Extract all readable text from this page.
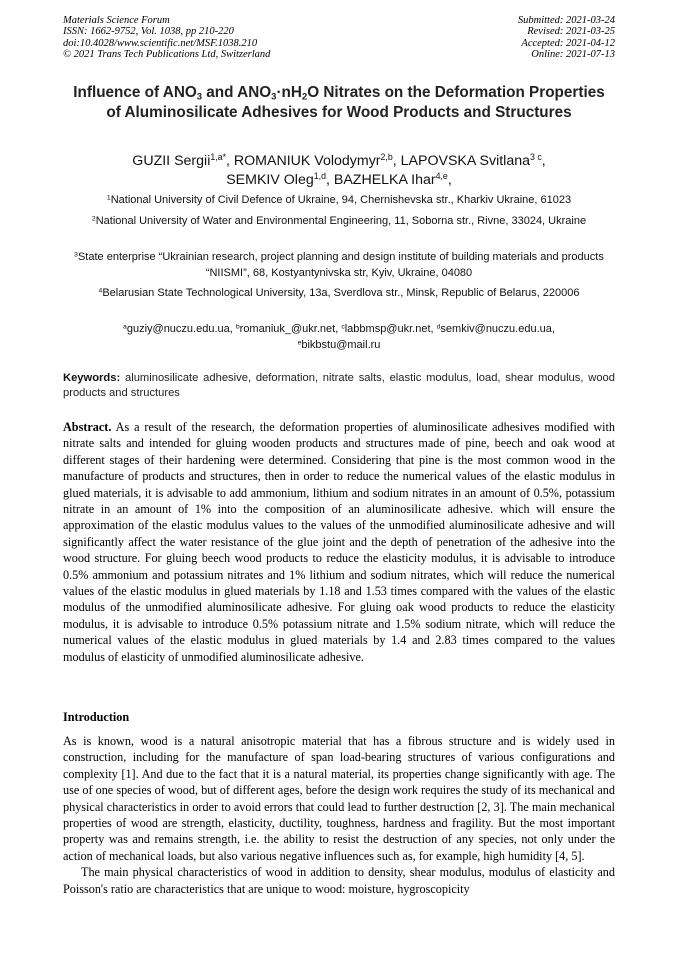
Materials Science Forum
ISSN: 1662-9752, Vol. 1038, pp 210-220
doi:10.4028/www.scientific.net/MSF.1038.210
© 2021 Trans Tech Publications Ltd, Switzerland
Submitted: 2021-03-24
Revised: 2021-03-25
Accepted: 2021-04-12
Online: 2021-07-13
Influence of $ANO_3$ and $ANO_3\cdot nH_2O$ Nitrates on the Deformation Properties of Aluminosilicate Adhesives for Wood Products and Structures
GUZII Sergii$^{1,a*}$, ROMANIUK Volodymyr$^{2,b}$, LAPOVSKA Svitlana$^{3 c}$,
SEMKIV Oleg$^{1,d}$, BAZHELKA Ihar$^{4,e}$,
$^1$National University of Civil Defence of Ukraine, 94, Chernishevska str., Kharkiv Ukraine, 61023
$^2$National University of Water and Environmental Engineering, 11, Soborna str., Rivne, 33024, Ukraine
$^3$State enterprise “Ukrainian research, project planning and design institute of building materials and products “NIISMI”, 68, Kostyantynivska str, Kyiv, Ukraine, 04080
$^4$Belarusian State Technological University, 13a, Sverdlova str., Minsk, Republic of Belarus, 220006
$^a$guziy@nuczu.edu.ua, $^b$romaniuk_@ukr.net, $^c$labbmsp@ukr.net, $^d$semkiv@nuczu.edu.ua,
$^e$bikbstu@mail.ru
Keywords: aluminosilicate adhesive, deformation, nitrate salts, elastic modulus, load, shear modulus, wood products and structures
Abstract. As a result of the research, the deformation properties of aluminosilicate adhesives modified with nitrate salts and intended for gluing wooden products and structures made of pine, beech and oak wood at different stages of their hardening were determined. Considering that pine is the most common wood in the manufacture of products and structures, then in order to reduce the numerical values of the elastic modulus in glued materials, it is advisable to add ammonium, lithium and sodium nitrates in an amount of 0.5%, potassium nitrate in an amount of 1% into the composition of an aluminosilicate adhesive. which will ensure the approximation of the elastic modulus values to the values of the unmodified aluminosilicate adhesive and will significantly affect the water resistance of the glue joint and the depth of penetration of the adhesive into the wood structure. For gluing beech wood products to reduce the elasticity modulus, it is advisable to introduce 0.5% ammonium and potassium nitrates and 1% lithium and sodium nitrates, which will reduce the numerical values of the elastic modulus in glued materials by 1.18 and 1.53 times compared with the values of the elastic modulus of the unmodified aluminosilicate adhesive. For gluing oak wood products to reduce the elasticity modulus, it is advisable to introduce 0.5% potassium nitrate and 1.5% sodium nitrate, which will reduce the numerical values of the elastic modulus in glued materials by 1.4 and 2.83 times compared to the values modulus of elasticity of unmodified aluminosilicate adhesive.
Introduction

As is known, wood is a natural anisotropic material that has a fibrous structure and is widely used in construction, including for the manufacture of span load-bearing structures of various configurations and complexity [1]. And due to the fact that it is a natural material, its properties change significantly with age. The use of one species of wood, but of different ages, before the design work requires the study of its mechanical and physical characteristics in order to avoid errors that could lead to further destruction [2, 3]. The main mechanical properties of wood are strength, elasticity, ductility, toughness, hardness and fragility. But the most important property was and remains strength, i.e. the ability to resist the destruction of any species, not only under the action of mechanical loads, but also various negative influences such as, for example, high humidity [4, 5].

The main physical characteristics of wood in addition to density, shear modulus, modulus of elasticity and Poisson's ratio are characteristics that are unique to wood: moisture, hygroscopicity
